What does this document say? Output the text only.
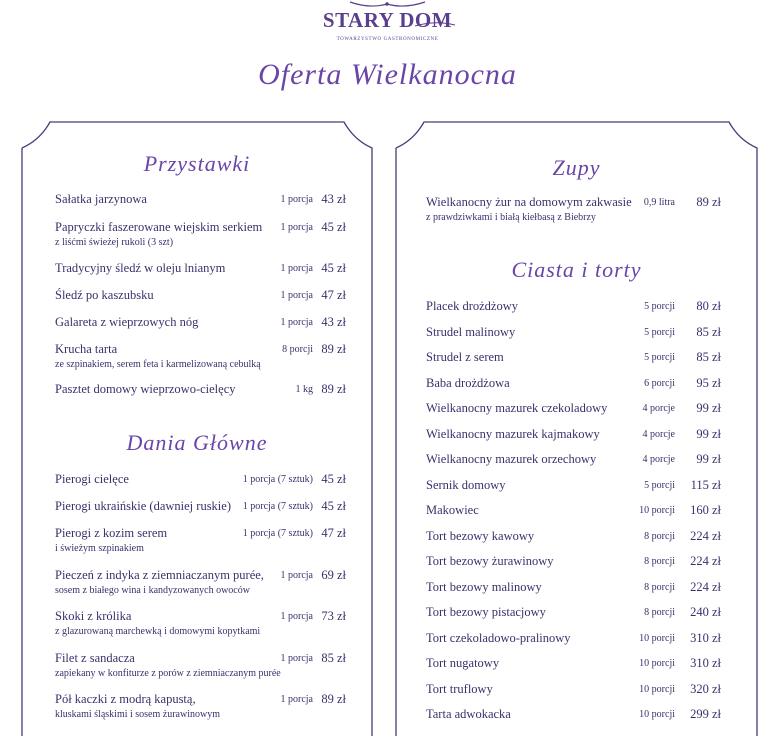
STARY DOM
TOWARZYSTWO GASTRONOMICZNE
Oferta Wielkanocna
Przystawki
Sałatka jarzynowa	1 porcja 43 zł
Papryczki faszerowane wiejskim serkiem
z liśćmi świeżej rukoli (3 szt)
1 porcja 45 zł
Tradycyjny śledź w oleju lnianym	1 porcja 45 zł
Śledź po kaszubsku	1 porcja 47 zł
Galareta z wieprzowych nóg	1 porcja 43 zł
Krucha tarta
ze szpinakiem, serem feta i karmelizowaną cebulką
8 porcji 89 zł
Pasztet domowy wieprzowo-cielęcy	1 kg 89 zł
Pierogi cielęce	1 porcja (7 sztuk) 45 zł
Pierogi ukraińskie (dawniej ruskie) 1 porcja (7 sztuk) 45 zł
Pierogi z kozim serem
i świeżym szpinakiem
1 porcja (7 sztuk) 47 zł
Pieczeń z indyka z ziemniaczanym purée,
sosem z białego wina i kandyzowanych owoców
1 porcja 69 zł
Skoki z królika
z glazurowaną marchewką i domowymi kopytkami
1 porcja 73 zł
Filet z sandacza
zapiekany w konfiturze z porów z ziemniaczanym purée
1 porcja 85 zł
Pół kaczki z modrą kapustą,
kluskami śląskimi i sosem żurawinowym
1 porcja 89 zł
Dania Główne
Zupy
Ciasta i torty
Wielkanocny żur na domowym zakwasie
z prawdziwkami i białą kiełbasą z Biebrzy
0,9 litra 89 zł
Placek drożdżowy	5 porcji 80 zł
Strudel malinowy	5 porcji 85 zł
Strudel z serem	5 porcji 85 zł
Baba drożdżowa	6 porcji 95 zł
Wielkanocny mazurek czekoladowy	4 porcje 99 zł
Wielkanocny mazurek kajmakowy	4 porcje 99 zł
Wielkanocny mazurek orzechowy	4 porcje 99 zł
Sernik domowy	5 porcji 115 zł
Makowiec	10 porcji 160 zł
Tort bezowy kawowy	8 porcji 224 zł
Tort bezowy żurawinowy	8 porcji 224 zł
Tort bezowy malinowy	8 porcji 224 zł
Tort bezowy pistacjowy	8 porcji 240 zł
Tort czekoladowo-pralinowy	10 porcji 310 zł
Tort nugatowy	10 porcji 310 zł
Tort truflowy	10 porcji 320 zł
Tarta adwokacka	10 porcji 299 zł
